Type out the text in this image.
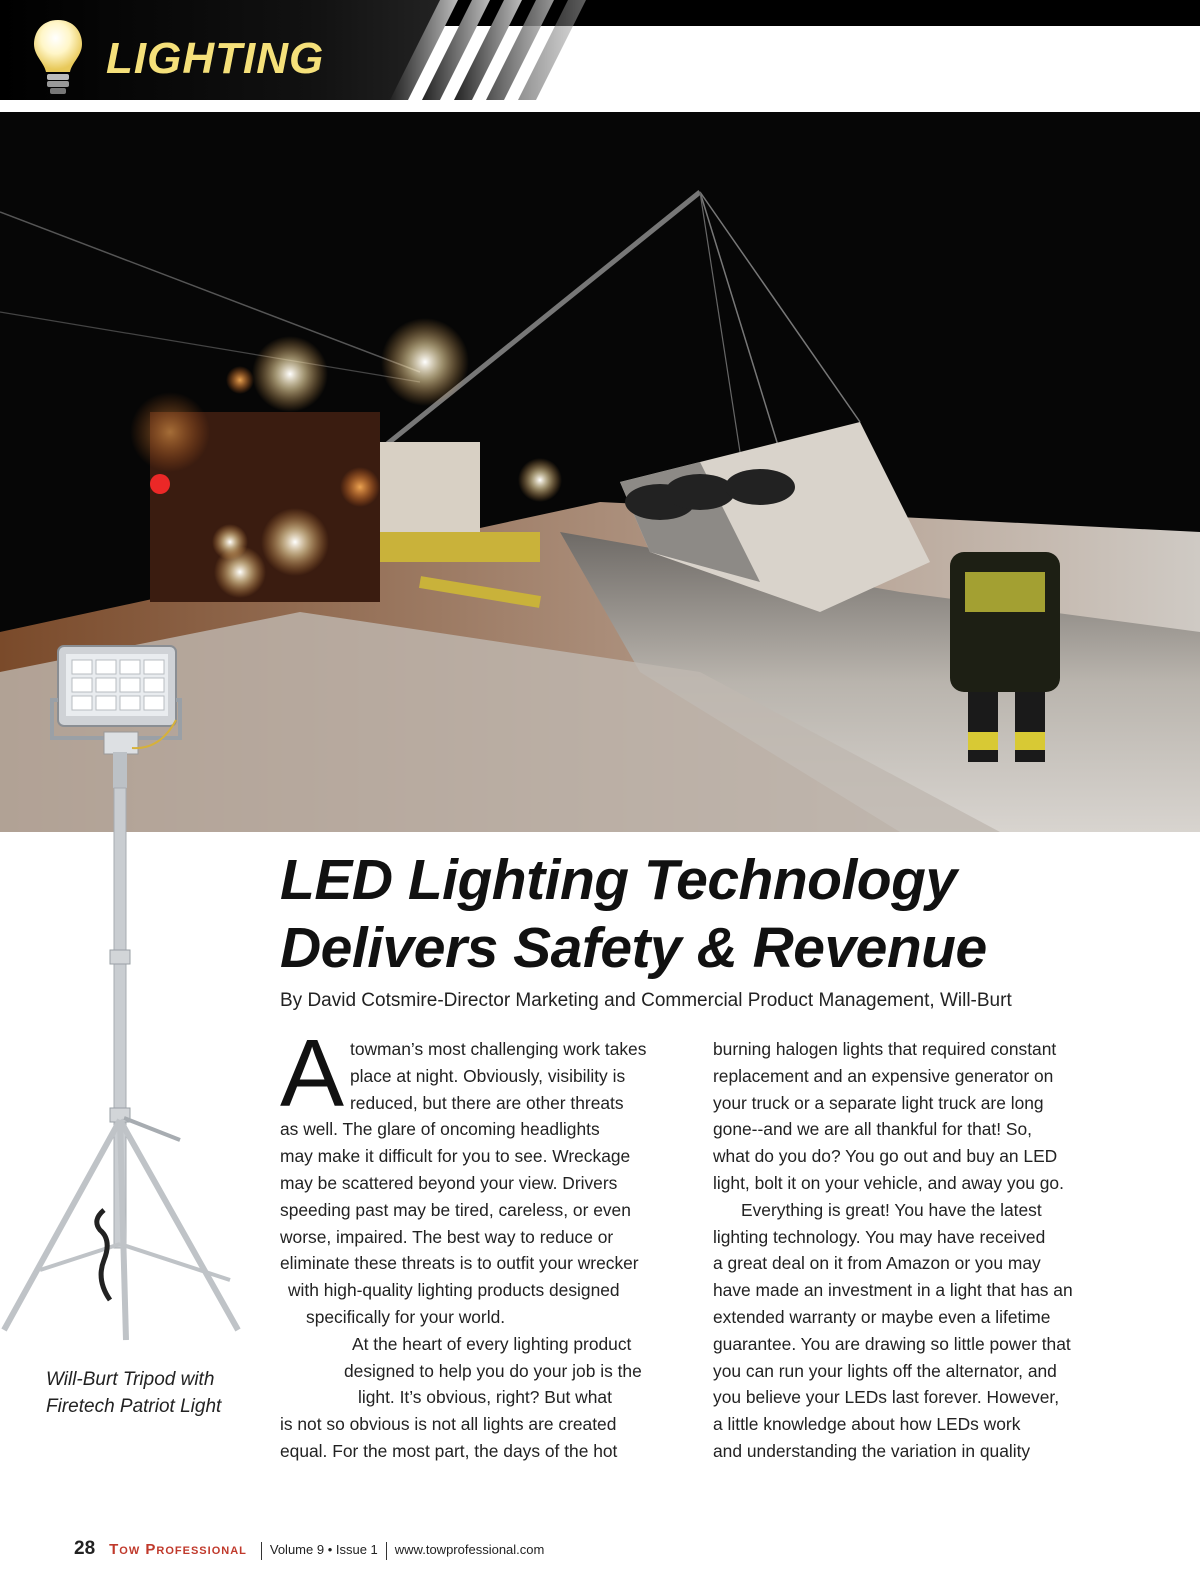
LIGHTING
Will-Burt Tripod with
Firetech Patriot Light
LED Lighting Technology
Delivers Safety & Revenue
By David Cotsmire-Director Marketing and Commercial Product Management, Will-Burt
A towman’s most challenging work takes
place at night. Obviously, visibility is
reduced, but there are other threats
as well. The glare of oncoming headlights
may make it difficult for you to see. Wreckage
may be scattered beyond your view. Drivers
speeding past may be tired, careless, or even
worse, impaired. The best way to reduce or
eliminate these threats is to outfit your wrecker
with high-quality lighting products designed
specifically for your world.
At the heart of every lighting product
designed to help you do your job is the
light. It’s obvious, right? But what
is not so obvious is not all lights are created
equal. For the most part, the days of the hot
burning halogen lights that required constant
replacement and an expensive generator on
your truck or a separate light truck are long
gone--and we are all thankful for that! So,
what do you do? You go out and buy an LED
light, bolt it on your vehicle, and away you go.
Everything is great! You have the latest
lighting technology. You may have received
a great deal on it from Amazon or you may
have made an investment in a light that has an
extended warranty or maybe even a lifetime
guarantee. You are drawing so little power that
you can run your lights off the alternator, and
you believe your LEDs last forever. However,
a little knowledge about how LEDs work
and understanding the variation in quality
28 Tow Professional Volume 9 • Issue 1 www.towprofessional.com
